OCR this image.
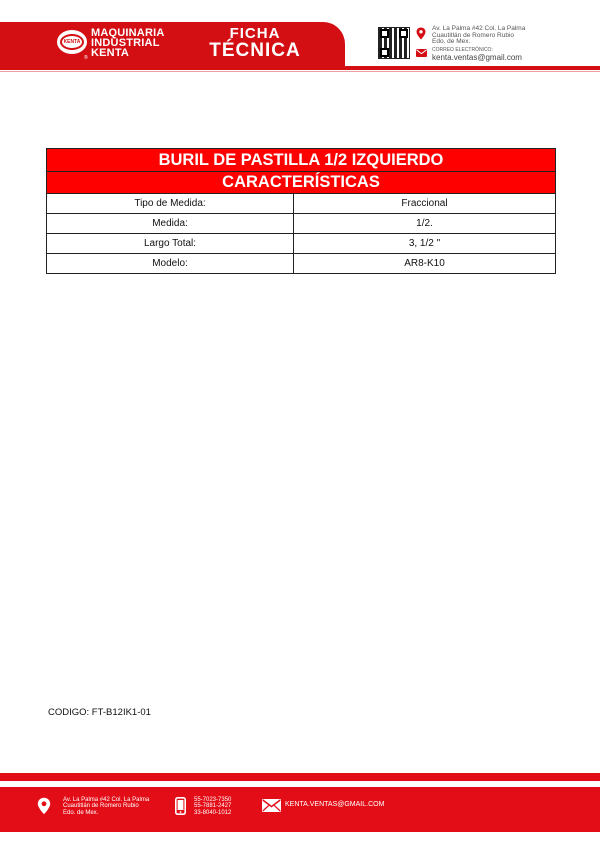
KENTA
®
MAQUINARIA
INDUSTRIAL
KENTA
FICHA
TÉCNICA
Av. La Palma #42 Col. La Palma
Cuautitlán de Romero Rubio
Edo. de Mex.
CORREO ELECTRÓNICO:
kenta.ventas@gmail.com
BURIL DE PASTILLA 1/2 IZQUIERDO
CARACTERÍSTICAS
Tipo de Medida:	Fraccional
Medida:	1/2.
Largo Total:	3, 1/2 "
Modelo:	AR8-K10
CODIGO: FT-B12IK1-01
Av. La Palma #42 Col. La Palma
Cuautitlán de Romero Rubio
Edo. de Mex.
55-7023-7350
55-7881-2427
33-8040-1012
KENTA.VENTAS@GMAIL.COM
